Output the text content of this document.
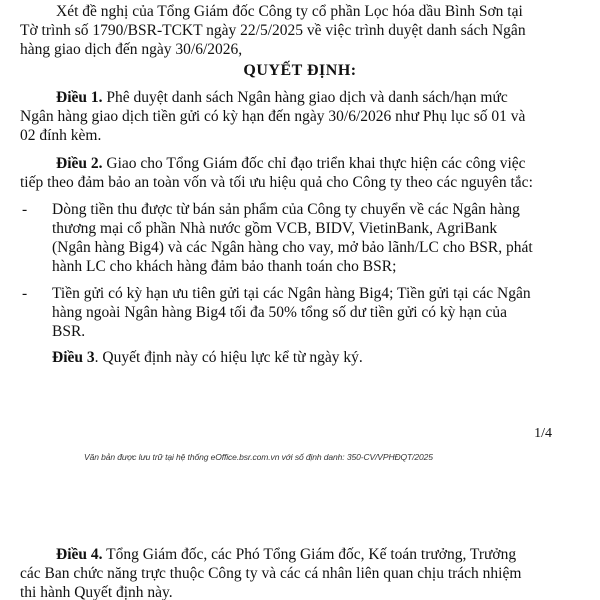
Xét đề nghị của Tổng Giám đốc Công ty cổ phần Lọc hóa dầu Bình Sơn tại
Tờ trình số 1790/BSR-TCKT ngày 22/5/2025 về việc trình duyệt danh sách Ngân
hàng giao dịch đến ngày 30/6/2026,
QUYẾT ĐỊNH:
Điều 1. Phê duyệt danh sách Ngân hàng giao dịch và danh sách/hạn mức
Ngân hàng giao dịch tiền gửi có kỳ hạn đến ngày 30/6/2026 như Phụ lục số 01 và
02 đính kèm.
Điều 2. Giao cho Tổng Giám đốc chỉ đạo triển khai thực hiện các công việc
tiếp theo đảm bảo an toàn vốn và tối ưu hiệu quả cho Công ty theo các nguyên tắc:
- Dòng tiền thu được từ bán sản phẩm của Công ty chuyển về các Ngân hàng
thương mại cổ phần Nhà nước gồm VCB, BIDV, VietinBank, AgriBank
(Ngân hàng Big4) và các Ngân hàng cho vay, mở bảo lãnh/LC cho BSR, phát
hành LC cho khách hàng đảm bảo thanh toán cho BSR;
- Tiền gửi có kỳ hạn ưu tiên gửi tại các Ngân hàng Big4; Tiền gửi tại các Ngân
hàng ngoài Ngân hàng Big4 tối đa 50% tổng số dư tiền gửi có kỳ hạn của
BSR.
Điều 3. Quyết định này có hiệu lực kể từ ngày ký.
1/4
Văn bản được lưu trữ tại hệ thống eOffice.bsr.com.vn với số định danh: 350-CV/VPHĐQT/2025
Điều 4. Tổng Giám đốc, các Phó Tổng Giám đốc, Kế toán trưởng, Trưởng
các Ban chức năng trực thuộc Công ty và các cá nhân liên quan chịu trách nhiệm
thi hành Quyết định này.
